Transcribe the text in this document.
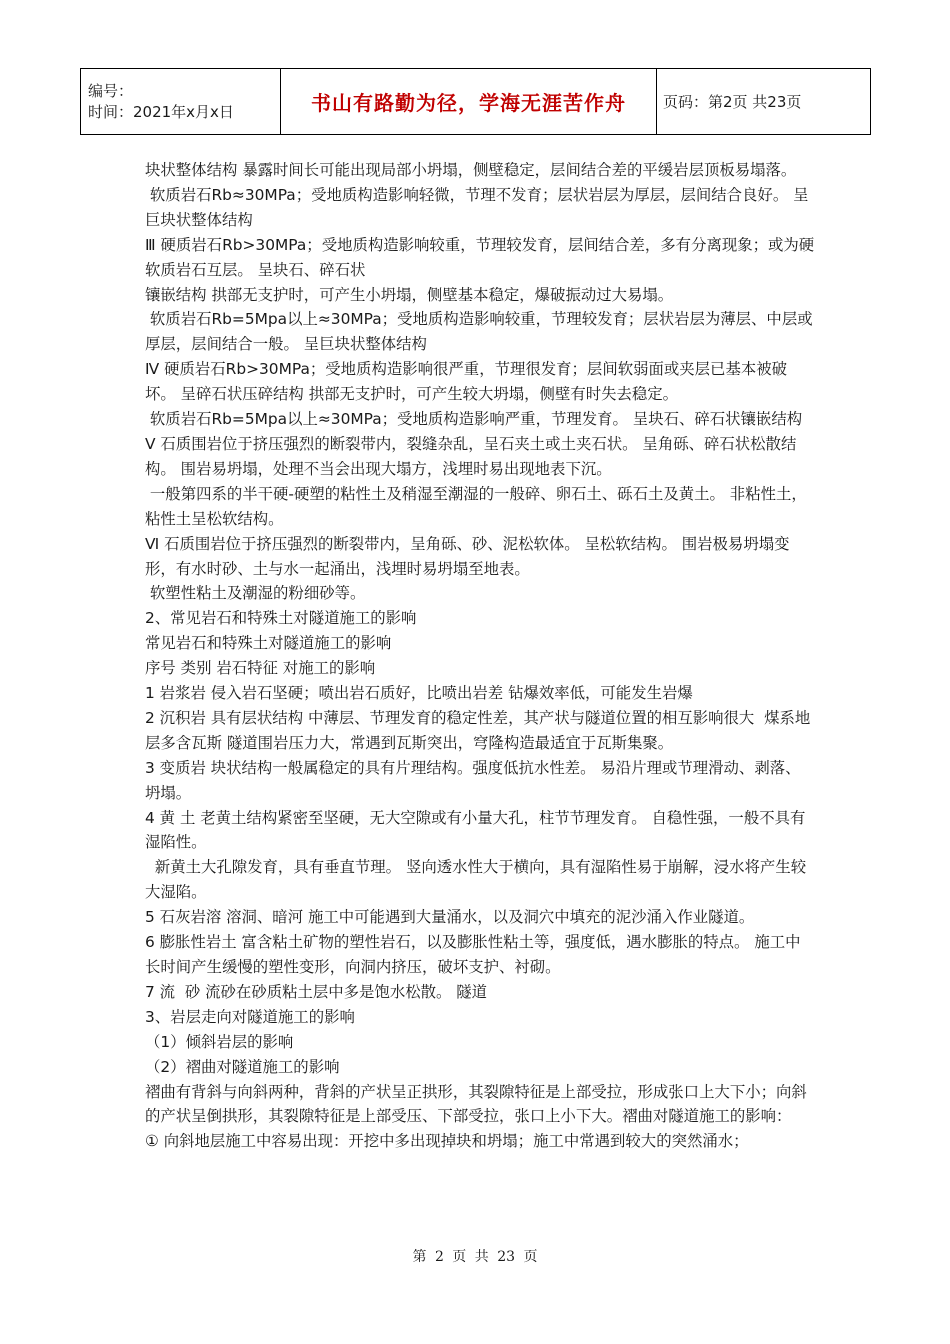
编号：
时间：2021年x月x日	书山有路勤为径，学海无涯苦作舟	页码：第2页 共23页

块状整体结构 暴露时间长可能出现局部小坍塌，侧壁稳定，层间结合差的平缓岩层顶板易塌落。

软质岩石Rb≈30MPa；受地质构造影响轻微，节理不发育；层状岩层为厚层，层间结合良好。 呈巨块状整体结构

Ⅲ 硬质岩石Rb>30MPa；受地质构造影响较重，节理较发育，层间结合差，多有分离现象；或为硬软质岩石互层。 呈块石、碎石状

镶嵌结构 拱部无支护时，可产生小坍塌，侧壁基本稳定，爆破振动过大易塌。

软质岩石Rb=5Mpa以上≈30MPa；受地质构造影响较重，节理较发育；层状岩层为薄层、中层或厚层，层间结合一般。 呈巨块状整体结构

Ⅳ 硬质岩石Rb>30MPa；受地质构造影响很严重，节理很发育；层间软弱面或夹层已基本被破坏。 呈碎石状压碎结构 拱部无支护时，可产生较大坍塌，侧壁有时失去稳定。

软质岩石Rb=5Mpa以上≈30MPa；受地质构造影响严重，节理发育。 呈块石、碎石状镶嵌结构

Ⅴ 石质围岩位于挤压强烈的断裂带内，裂缝杂乱，呈石夹土或土夹石状。 呈角砾、碎石状松散结构。 围岩易坍塌，处理不当会出现大塌方，浅埋时易出现地表下沉。

一般第四系的半干硬-硬塑的粘性土及稍湿至潮湿的一般碎、卵石土、砾石土及黄土。 非粘性土，粘性土呈松软结构。

Ⅵ 石质围岩位于挤压强烈的断裂带内，呈角砾、砂、泥松软体。 呈松软结构。 围岩极易坍塌变形，有水时砂、土与水一起涌出，浅埋时易坍塌至地表。

软塑性粘土及潮湿的粉细砂等。

2、常见岩石和特殊土对隧道施工的影响

常见岩石和特殊土对隧道施工的影响

序号 类别 岩石特征 对施工的影响

1 岩浆岩 侵入岩石坚硬；喷出岩石质好，比喷出岩差 钻爆效率低，可能发生岩爆

2 沉积岩 具有层状结构 中薄层、节理发育的稳定性差，其产状与隧道位置的相互影响很大  煤系地层多含瓦斯 隧道围岩压力大，常遇到瓦斯突出，穹隆构造最适宜于瓦斯集聚。

3 变质岩 块状结构一般属稳定的具有片理结构。强度低抗水性差。 易沿片理或节理滑动、剥落、坍塌。

4 黄 土 老黄土结构紧密至坚硬，无大空隙或有小量大孔，柱节节理发育。 自稳性强，一般不具有湿陷性。

新黄土大孔隙发育，具有垂直节理。 竖向透水性大于横向，具有湿陷性易于崩解，浸水将产生较大湿陷。

5 石灰岩溶 溶洞、暗河 施工中可能遇到大量涌水，以及洞穴中填充的泥沙涌入作业隧道。

6 膨胀性岩土 富含粘土矿物的塑性岩石，以及膨胀性粘土等，强度低，遇水膨胀的特点。 施工中长时间产生缓慢的塑性变形，向洞内挤压，破坏支护、衬砌。

7 流  砂 流砂在砂质粘土层中多是饱水松散。 隧道

3、岩层走向对隧道施工的影响

（1）倾斜岩层的影响

（2）褶曲对隧道施工的影响

褶曲有背斜与向斜两种，背斜的产状呈正拱形，其裂隙特征是上部受拉，形成张口上大下小；向斜的产状呈倒拱形，其裂隙特征是上部受压、下部受拉，张口上小下大。褶曲对隧道施工的影响：

① 向斜地层施工中容易出现：开挖中多出现掉块和坍塌；施工中常遇到较大的突然涌水；

第 2 页 共 23 页
